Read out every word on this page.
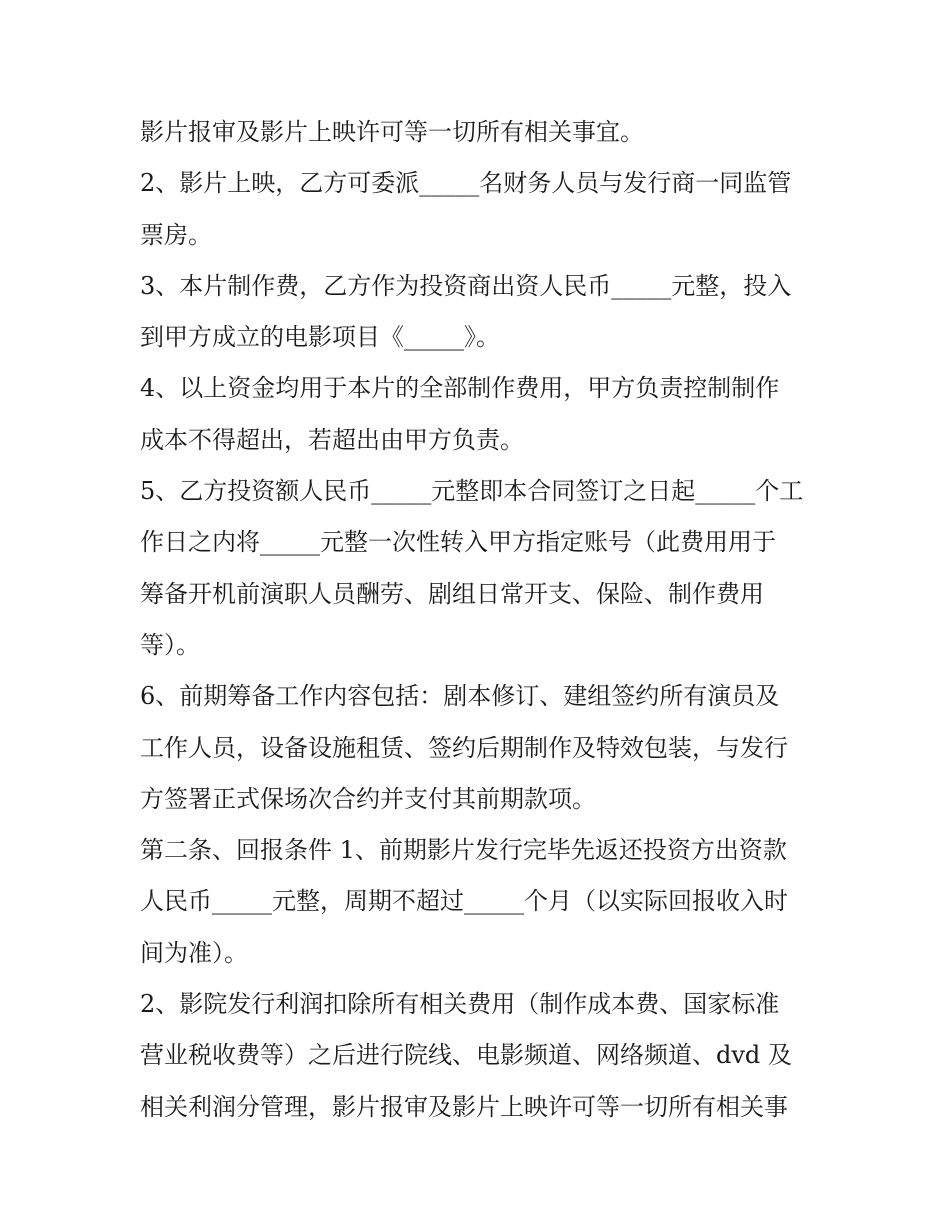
影片报审及影片上映许可等一切所有相关事宜。
2、影片上映，乙方可委派_____名财务人员与发行商一同监管
票房。
3、本片制作费，乙方作为投资商出资人民币_____元整，投入
到甲方成立的电影项目《_____》。
4、以上资金均用于本片的全部制作费用，甲方负责控制制作
成本不得超出，若超出由甲方负责。
5、乙方投资额人民币_____元整即本合同签订之日起_____个工
作日之内将_____元整一次性转入甲方指定账号（此费用用于
筹备开机前演职人员酬劳、剧组日常开支、保险、制作费用
等）。
6、前期筹备工作内容包括：剧本修订、建组签约所有演员及
工作人员，设备设施租赁、签约后期制作及特效包装，与发行
方签署正式保场次合约并支付其前期款项。
第二条、回报条件 1、前期影片发行完毕先返还投资方出资款
人民币_____元整，周期不超过_____个月（以实际回报收入时
间为准）。
2、影院发行利润扣除所有相关费用（制作成本费、国家标准
营业税收费等）之后进行院线、电影频道、网络频道、dvd 及
相关利润分管理，影片报审及影片上映许可等一切所有相关事
